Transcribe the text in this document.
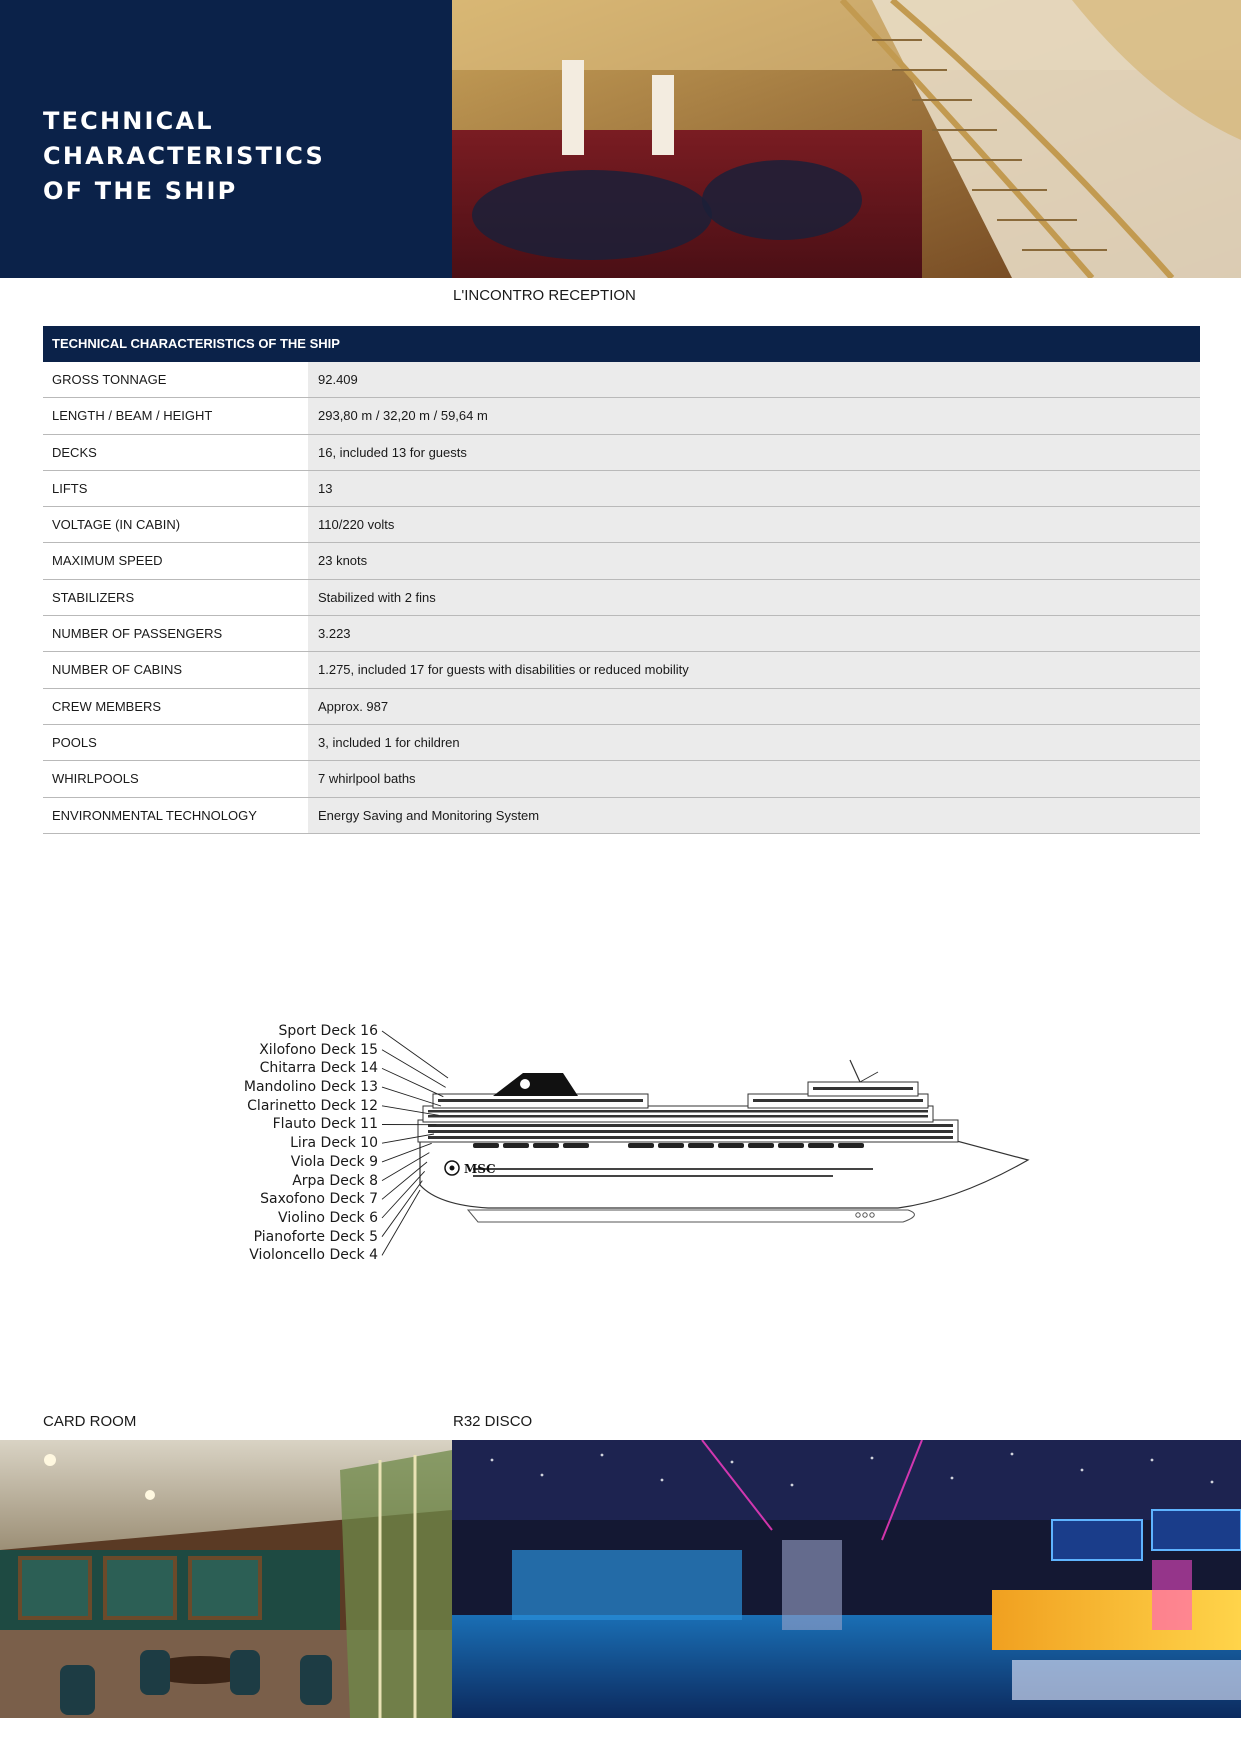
TECHNICAL CHARACTERISTICS
OF THE SHIP
L'INCONTRO RECEPTION
TECHNICAL CHARACTERISTICS OF THE SHIP
GROSS TONNAGE	92.409
LENGTH / BEAM / HEIGHT	293,80 m / 32,20 m / 59,64 m
DECKS	16, included 13 for guests
LIFTS	13
VOLTAGE (IN CABIN)	110/220 volts
MAXIMUM SPEED	23 knots
STABILIZERS	Stabilized with 2 fins
NUMBER OF PASSENGERS	3.223
NUMBER OF CABINS	1.275, included 17 for guests with disabilities or reduced mobility
CREW MEMBERS	Approx. 987
POOLS	3, included 1 for children
WHIRLPOOLS	7 whirlpool baths
ENVIRONMENTAL TECHNOLOGY	Energy Saving and Monitoring System
Sport Deck 16
Xilofono Deck 15
Chitarra Deck 14
Mandolino Deck 13
Clarinetto Deck 12
Flauto Deck 11
Lira Deck 10
Viola Deck 9
Arpa Deck 8
Saxofono Deck 7
Violino Deck 6
Pianoforte Deck 5
Violoncello Deck 4
MSC
CARD ROOM	R32 DISCO
